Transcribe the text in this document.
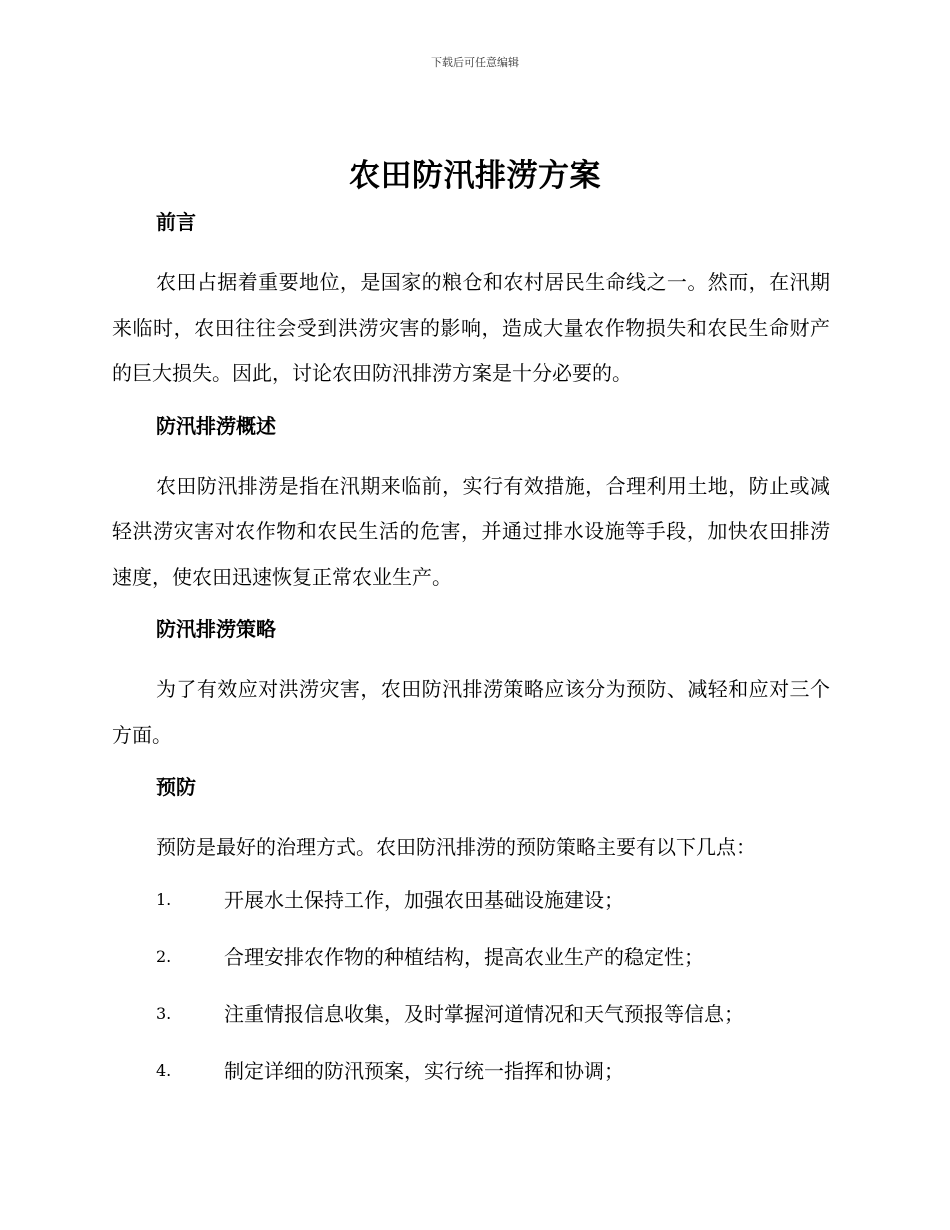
下载后可任意编辑
农田防汛排涝方案
前言

农田占据着重要地位，是国家的粮仓和农村居民生命线之一。然而，在汛期来临时，农田往往会受到洪涝灾害的影响，造成大量农作物损失和农民生命财产的巨大损失。因此，讨论农田防汛排涝方案是十分必要的。

防汛排涝概述

农田防汛排涝是指在汛期来临前，实行有效措施，合理利用土地，防止或减轻洪涝灾害对农作物和农民生活的危害，并通过排水设施等手段，加快农田排涝速度，使农田迅速恢复正常农业生产。

防汛排涝策略

为了有效应对洪涝灾害，农田防汛排涝策略应该分为预防、减轻和应对三个方面。

预防

预防是最好的治理方式。农田防汛排涝的预防策略主要有以下几点：

1.	开展水土保持工作，加强农田基础设施建设；
2.	合理安排农作物的种植结构，提高农业生产的稳定性；
3.	注重情报信息收集，及时掌握河道情况和天气预报等信息；
4.	制定详细的防汛预案，实行统一指挥和协调；
